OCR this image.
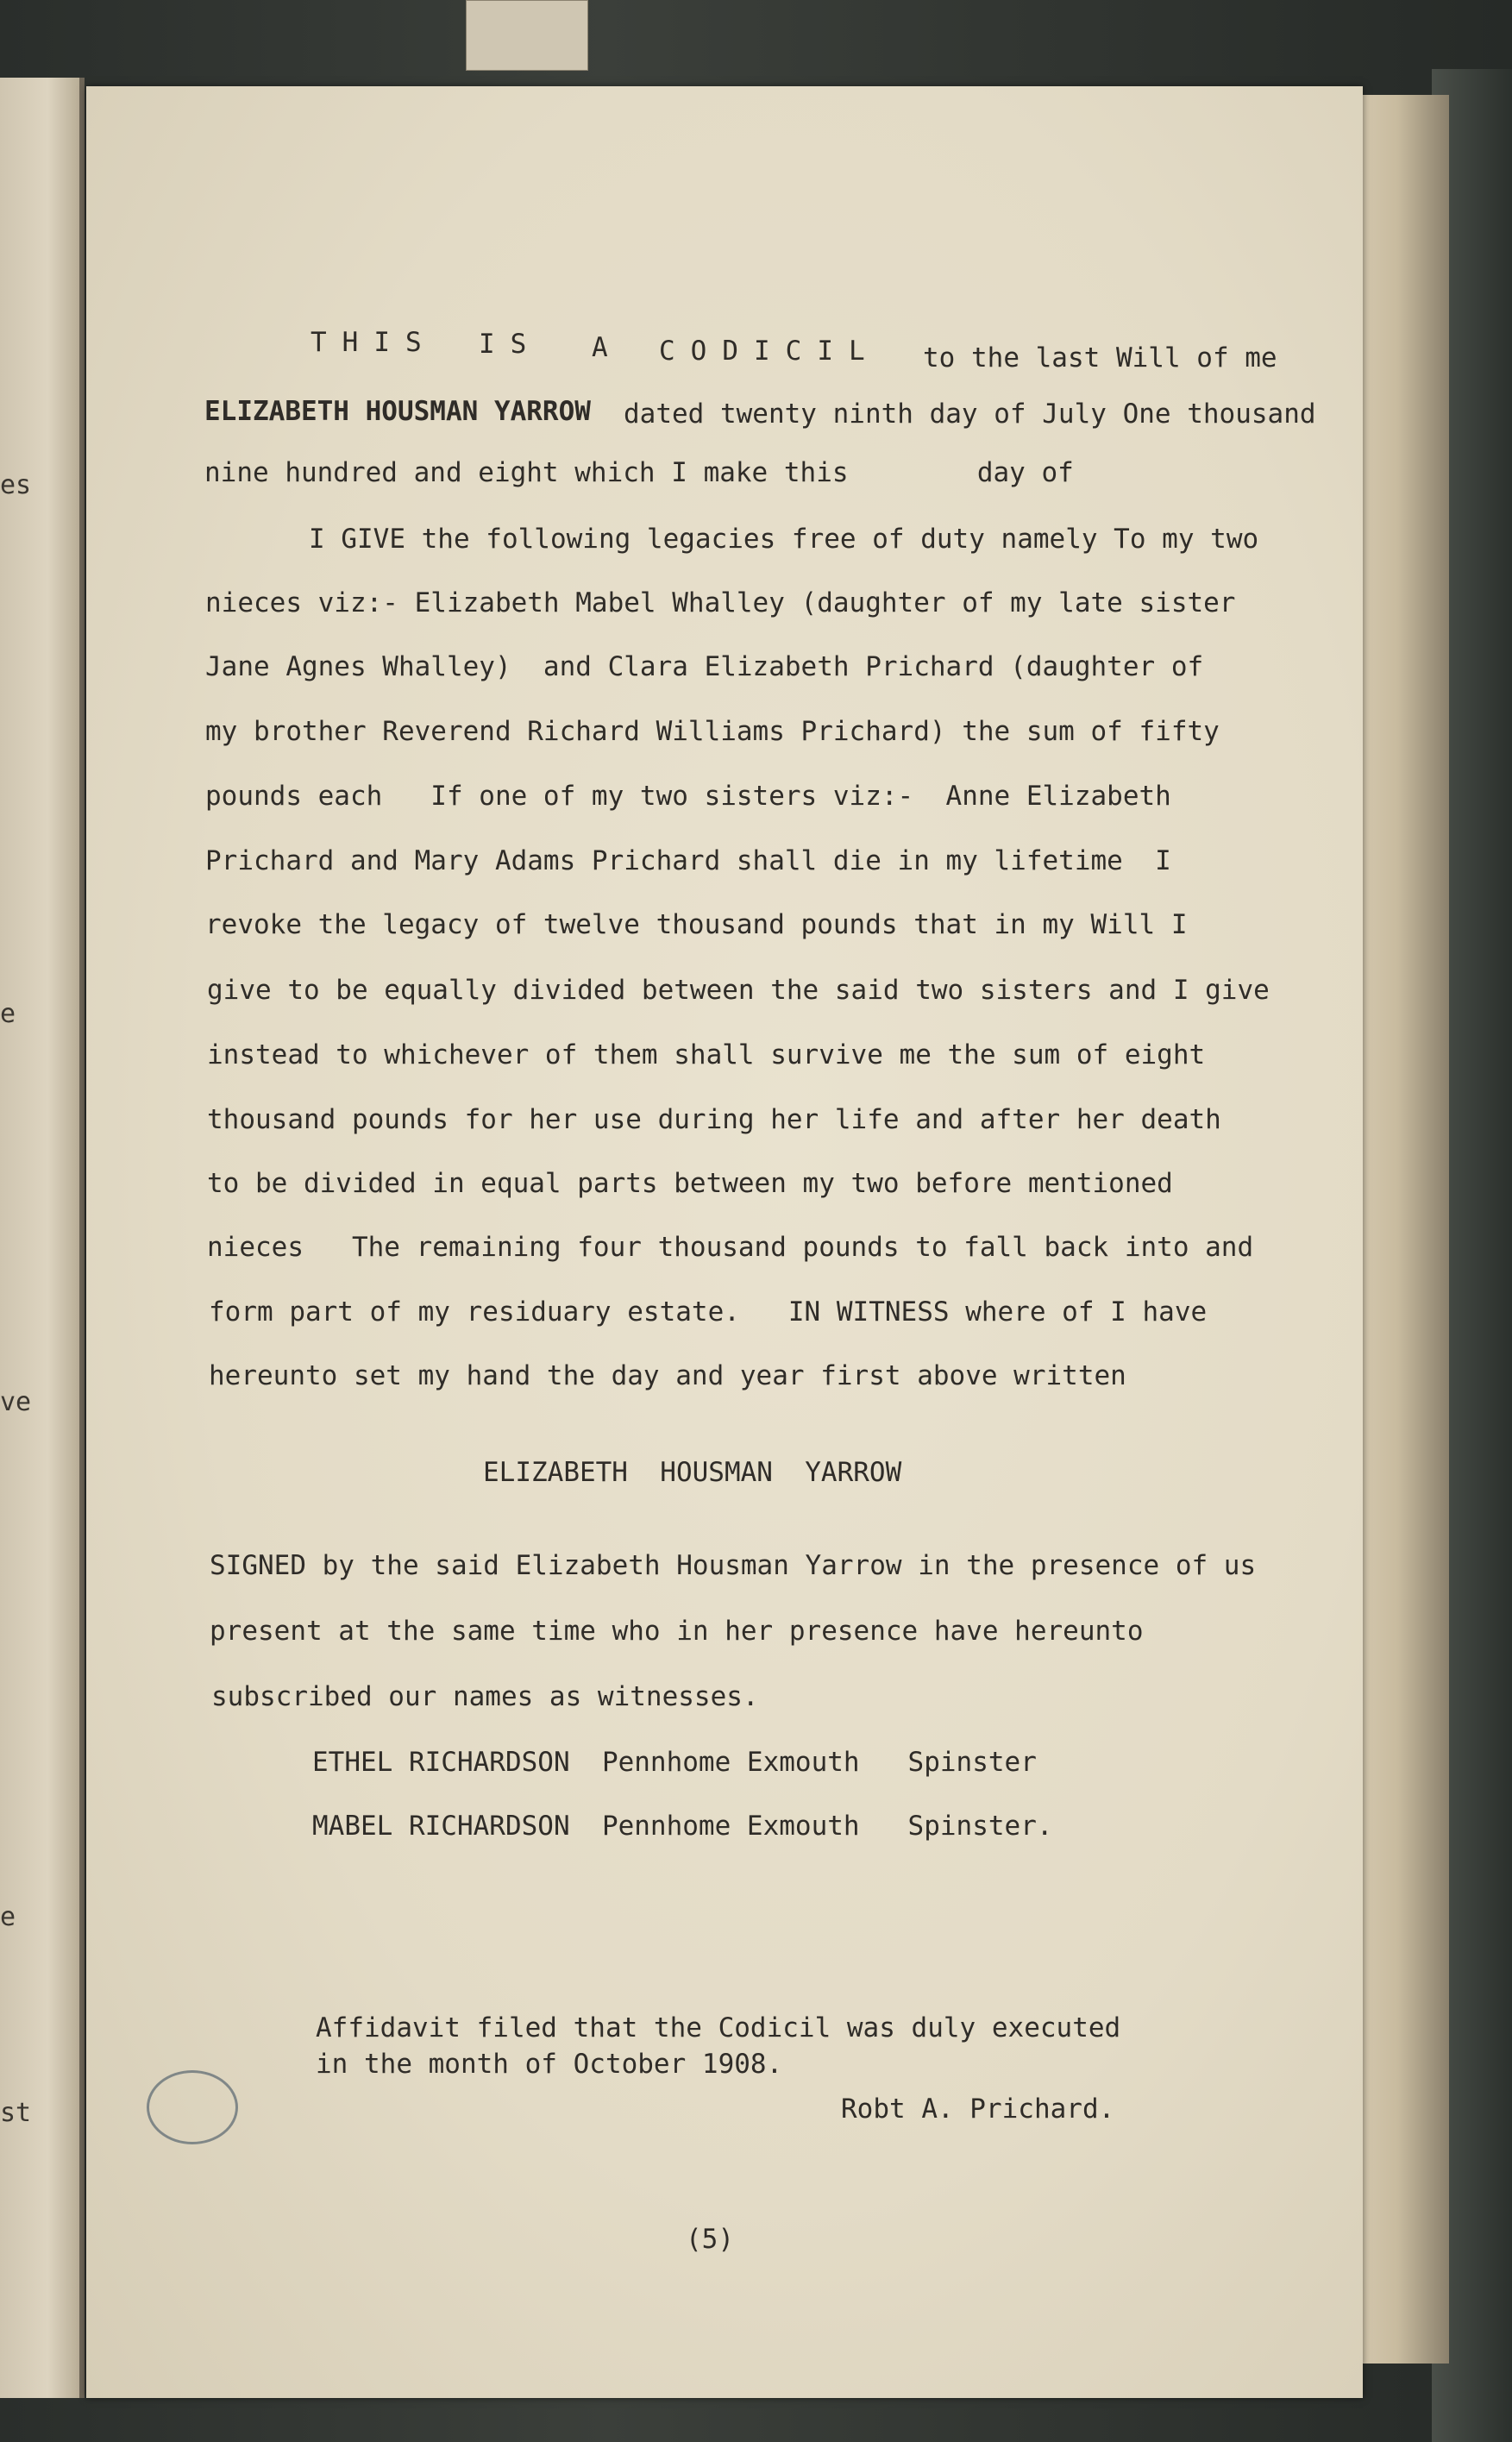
es
e
ve
e
st
THIS IS A CODICIL to the last Will of me
ELIZABETH HOUSMAN YARROW dated twenty ninth day of July One thousand
nine hundred and eight which I make this        day of
I GIVE the following legacies free of duty namely To my two
nieces viz:- Elizabeth Mabel Whalley (daughter of my late sister
Jane Agnes Whalley)  and Clara Elizabeth Prichard (daughter of
my brother Reverend Richard Williams Prichard) the sum of fifty
pounds each   If one of my two sisters viz:-  Anne Elizabeth
Prichard and Mary Adams Prichard shall die in my lifetime  I
revoke the legacy of twelve thousand pounds that in my Will I
give to be equally divided between the said two sisters and I give
instead to whichever of them shall survive me the sum of eight
thousand pounds for her use during her life and after her death
to be divided in equal parts between my two before mentioned
nieces   The remaining four thousand pounds to fall back into and
form part of my residuary estate.   IN WITNESS where of I have
hereunto set my hand the day and year first above written
ELIZABETH  HOUSMAN  YARROW
SIGNED by the said Elizabeth Housman Yarrow in the presence of us
present at the same time who in her presence have hereunto
subscribed our names as witnesses.
ETHEL RICHARDSON  Pennhome Exmouth   Spinster
MABEL RICHARDSON  Pennhome Exmouth   Spinster.
Affidavit filed that the Codicil was duly executed
in the month of October 1908.
Robt A. Prichard.
(5)
